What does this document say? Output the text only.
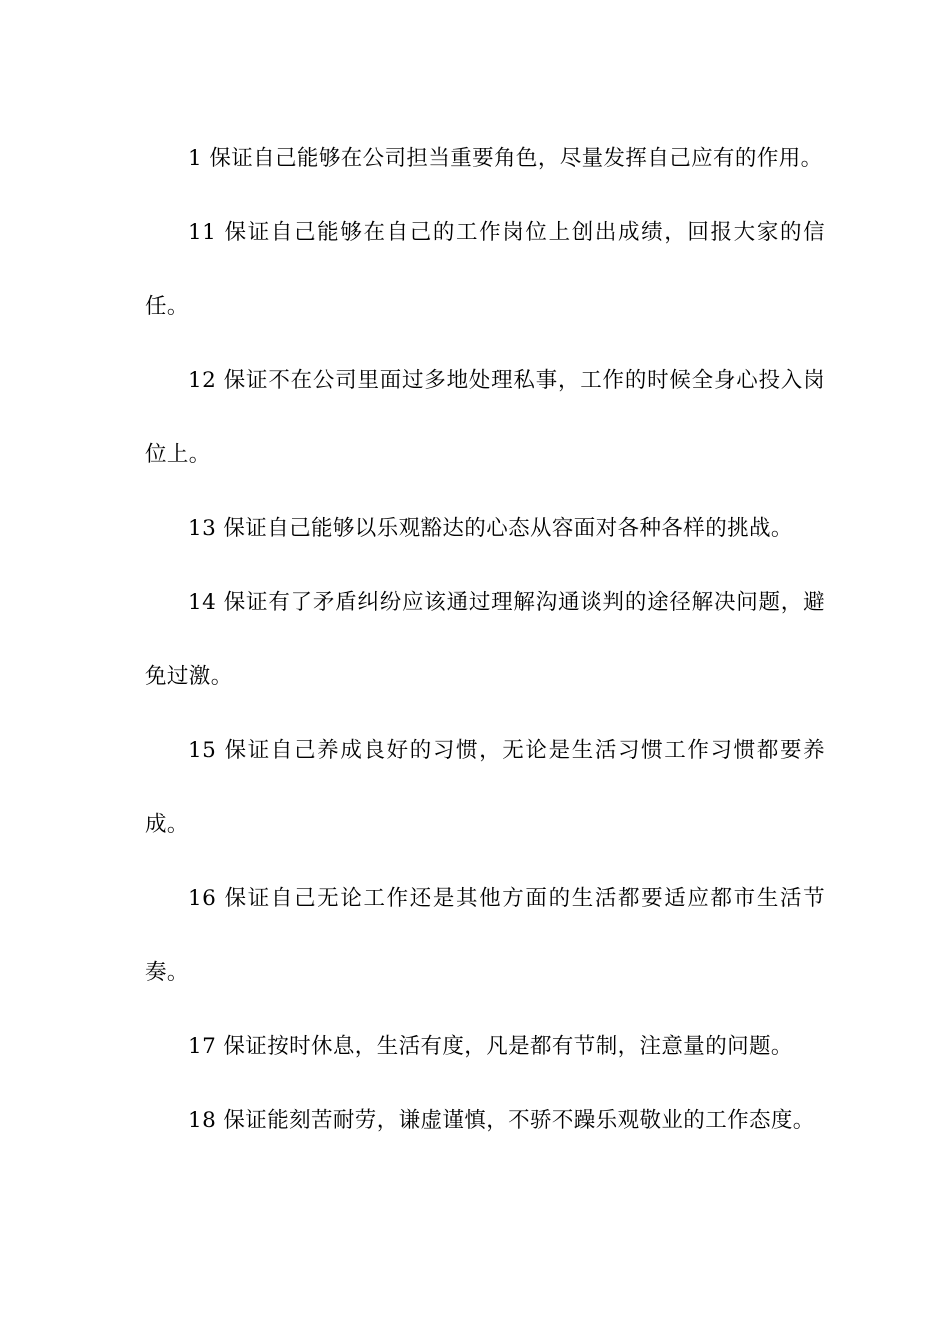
1 保证自己能够在公司担当重要角色，尽量发挥自己应有的作用。

11 保证自己能够在自己的工作岗位上创出成绩，回报大家的信任。

12 保证不在公司里面过多地处理私事，工作的时候全身心投入岗位上。

13 保证自己能够以乐观豁达的心态从容面对各种各样的挑战。

14 保证有了矛盾纠纷应该通过理解沟通谈判的途径解决问题，避免过激。

15 保证自己养成良好的习惯，无论是生活习惯工作习惯都要养成。

16 保证自己无论工作还是其他方面的生活都要适应都市生活节奏。

17 保证按时休息，生活有度，凡是都有节制，注意量的问题。

18 保证能刻苦耐劳，谦虚谨慎，不骄不躁乐观敬业的工作态度。
